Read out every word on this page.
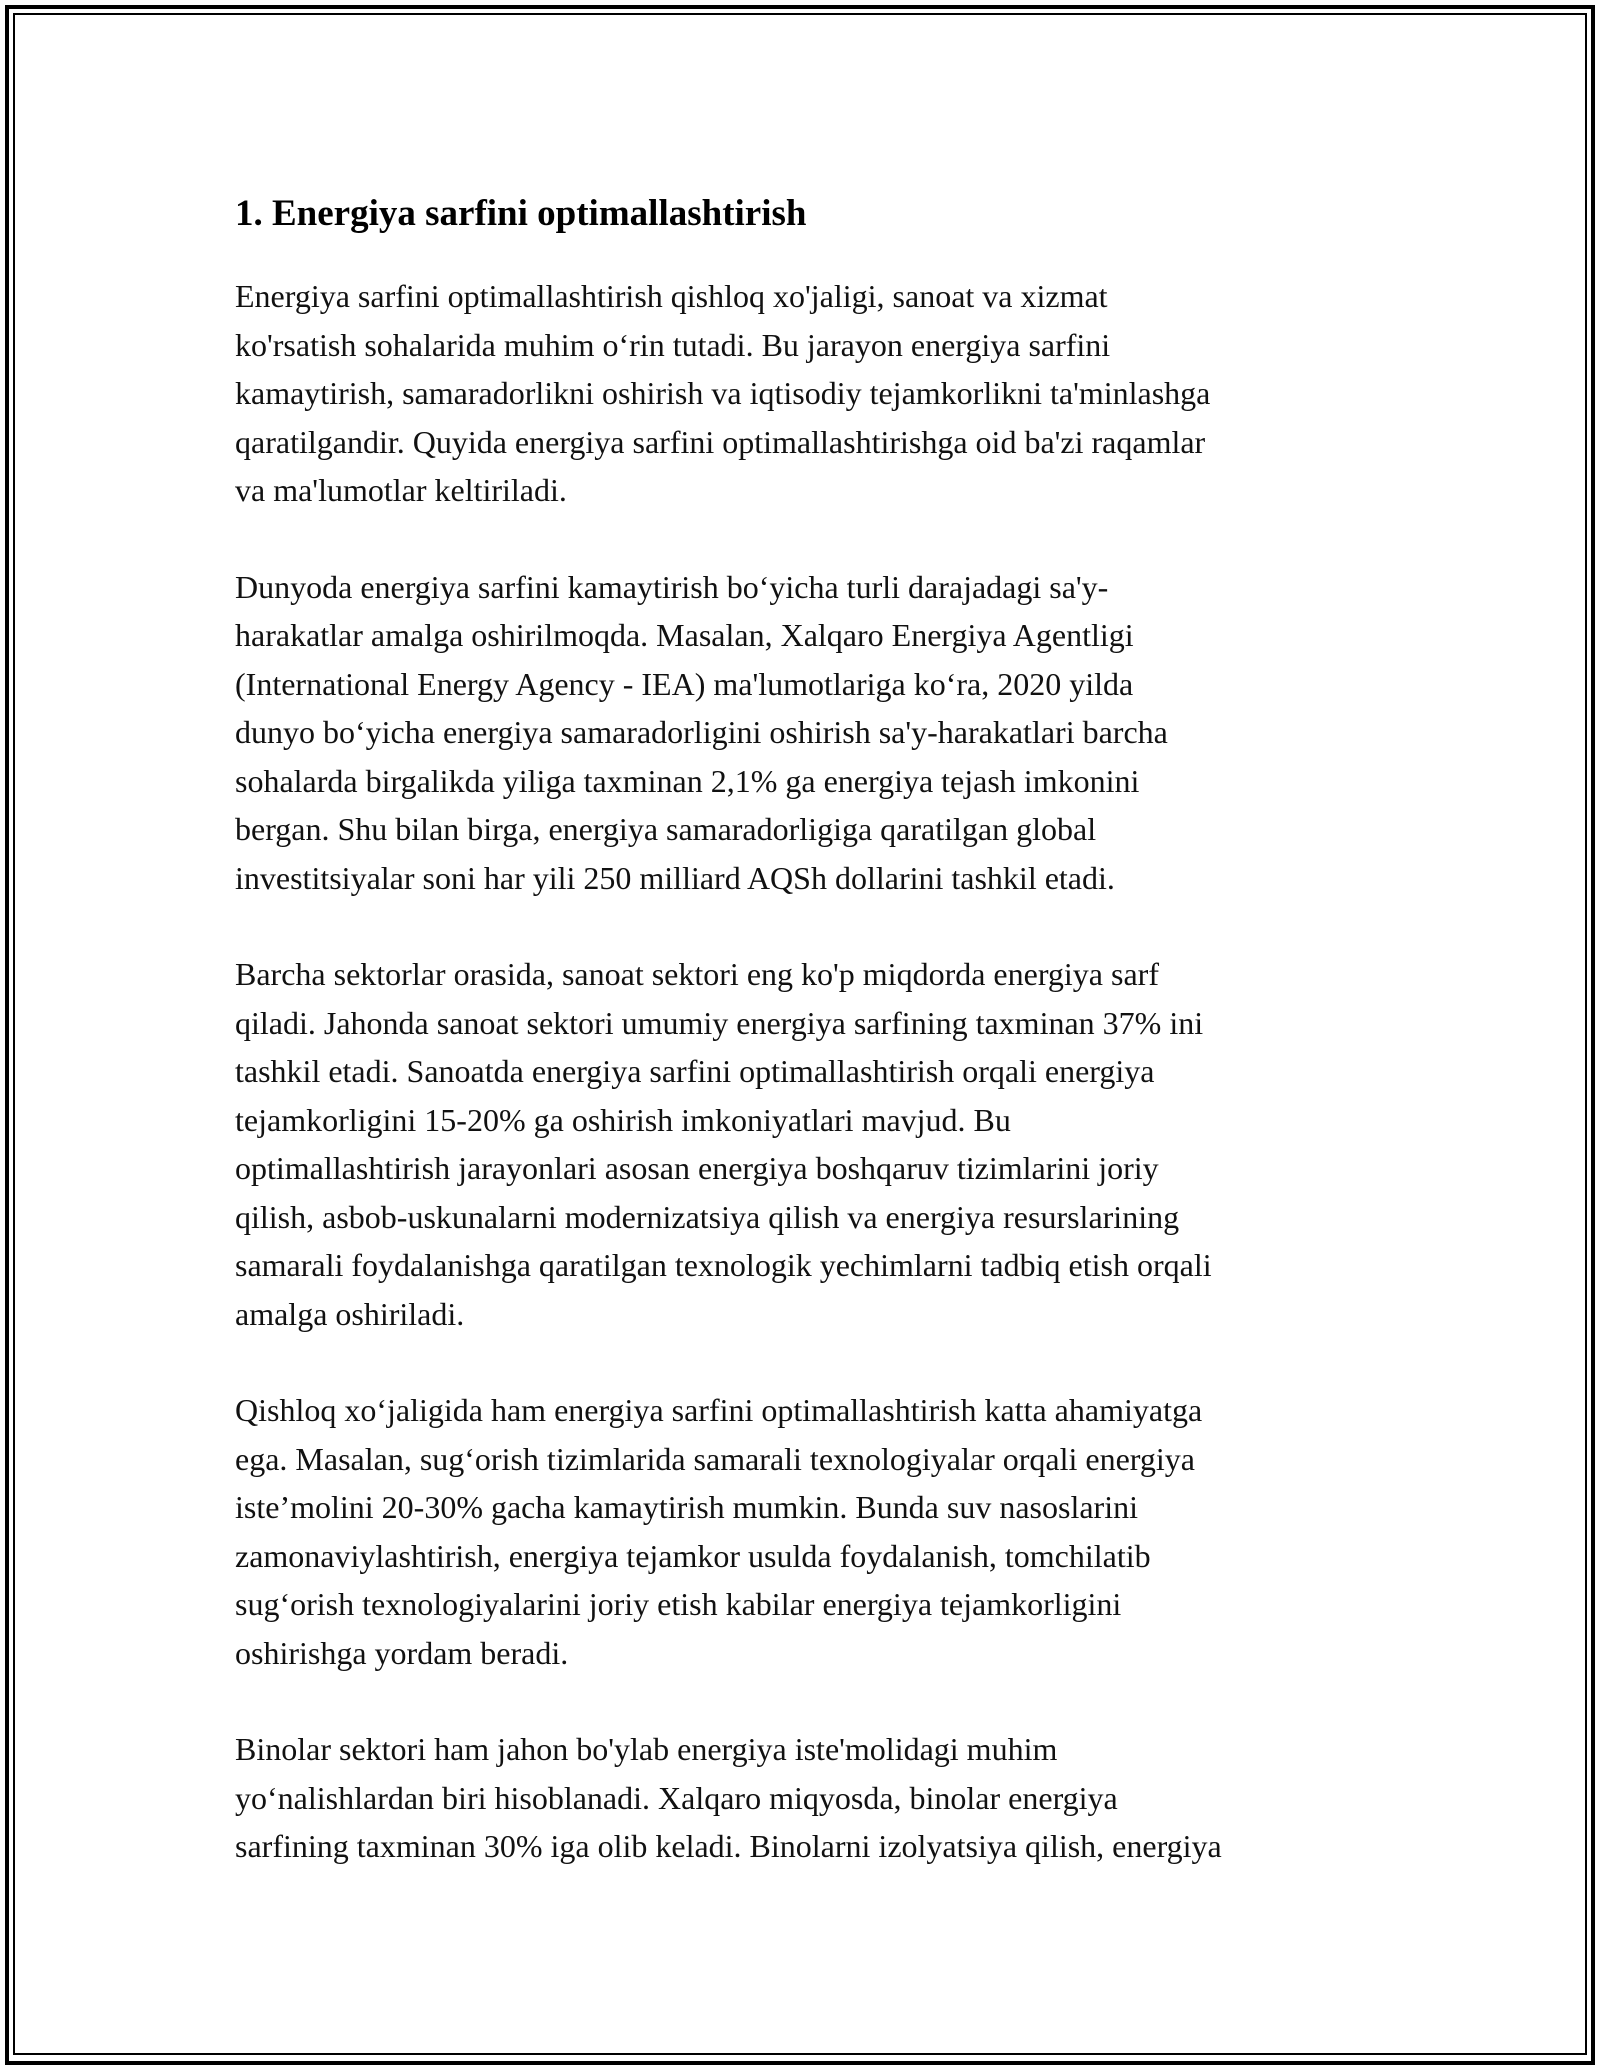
1. Energiya sarfini optimallashtirish

Energiya sarfini optimallashtirish qishloq xo'jaligi, sanoat va xizmat
ko'rsatish sohalarida muhim o‘rin tutadi. Bu jarayon energiya sarfini
kamaytirish, samaradorlikni oshirish va iqtisodiy tejamkorlikni ta'minlashga
qaratilgandir. Quyida energiya sarfini optimallashtirishga oid ba'zi raqamlar
va ma'lumotlar keltiriladi.

Dunyoda energiya sarfini kamaytirish bo‘yicha turli darajadagi sa'y-
harakatlar amalga oshirilmoqda. Masalan, Xalqaro Energiya Agentligi
(International Energy Agency - IEA) ma'lumotlariga ko‘ra, 2020 yilda
dunyo bo‘yicha energiya samaradorligini oshirish sa'y-harakatlari barcha
sohalarda birgalikda yiliga taxminan 2,1% ga energiya tejash imkonini
bergan. Shu bilan birga, energiya samaradorligiga qaratilgan global
investitsiyalar soni har yili 250 milliard AQSh dollarini tashkil etadi.

Barcha sektorlar orasida, sanoat sektori eng ko'p miqdorda energiya sarf
qiladi. Jahonda sanoat sektori umumiy energiya sarfining taxminan 37% ini
tashkil etadi. Sanoatda energiya sarfini optimallashtirish orqali energiya
tejamkorligini 15-20% ga oshirish imkoniyatlari mavjud. Bu
optimallashtirish jarayonlari asosan energiya boshqaruv tizimlarini joriy
qilish, asbob-uskunalarni modernizatsiya qilish va energiya resurslarining
samarali foydalanishga qaratilgan texnologik yechimlarni tadbiq etish orqali
amalga oshiriladi.

Qishloq xo‘jaligida ham energiya sarfini optimallashtirish katta ahamiyatga
ega. Masalan, sug‘orish tizimlarida samarali texnologiyalar orqali energiya
iste’molini 20-30% gacha kamaytirish mumkin. Bunda suv nasoslarini
zamonaviylashtirish, energiya tejamkor usulda foydalanish, tomchilatib
sug‘orish texnologiyalarini joriy etish kabilar energiya tejamkorligini
oshirishga yordam beradi.

Binolar sektori ham jahon bo'ylab energiya iste'molidagi muhim
yo‘nalishlardan biri hisoblanadi. Xalqaro miqyosda, binolar energiya
sarfining taxminan 30% iga olib keladi. Binolarni izolyatsiya qilish, energiya
